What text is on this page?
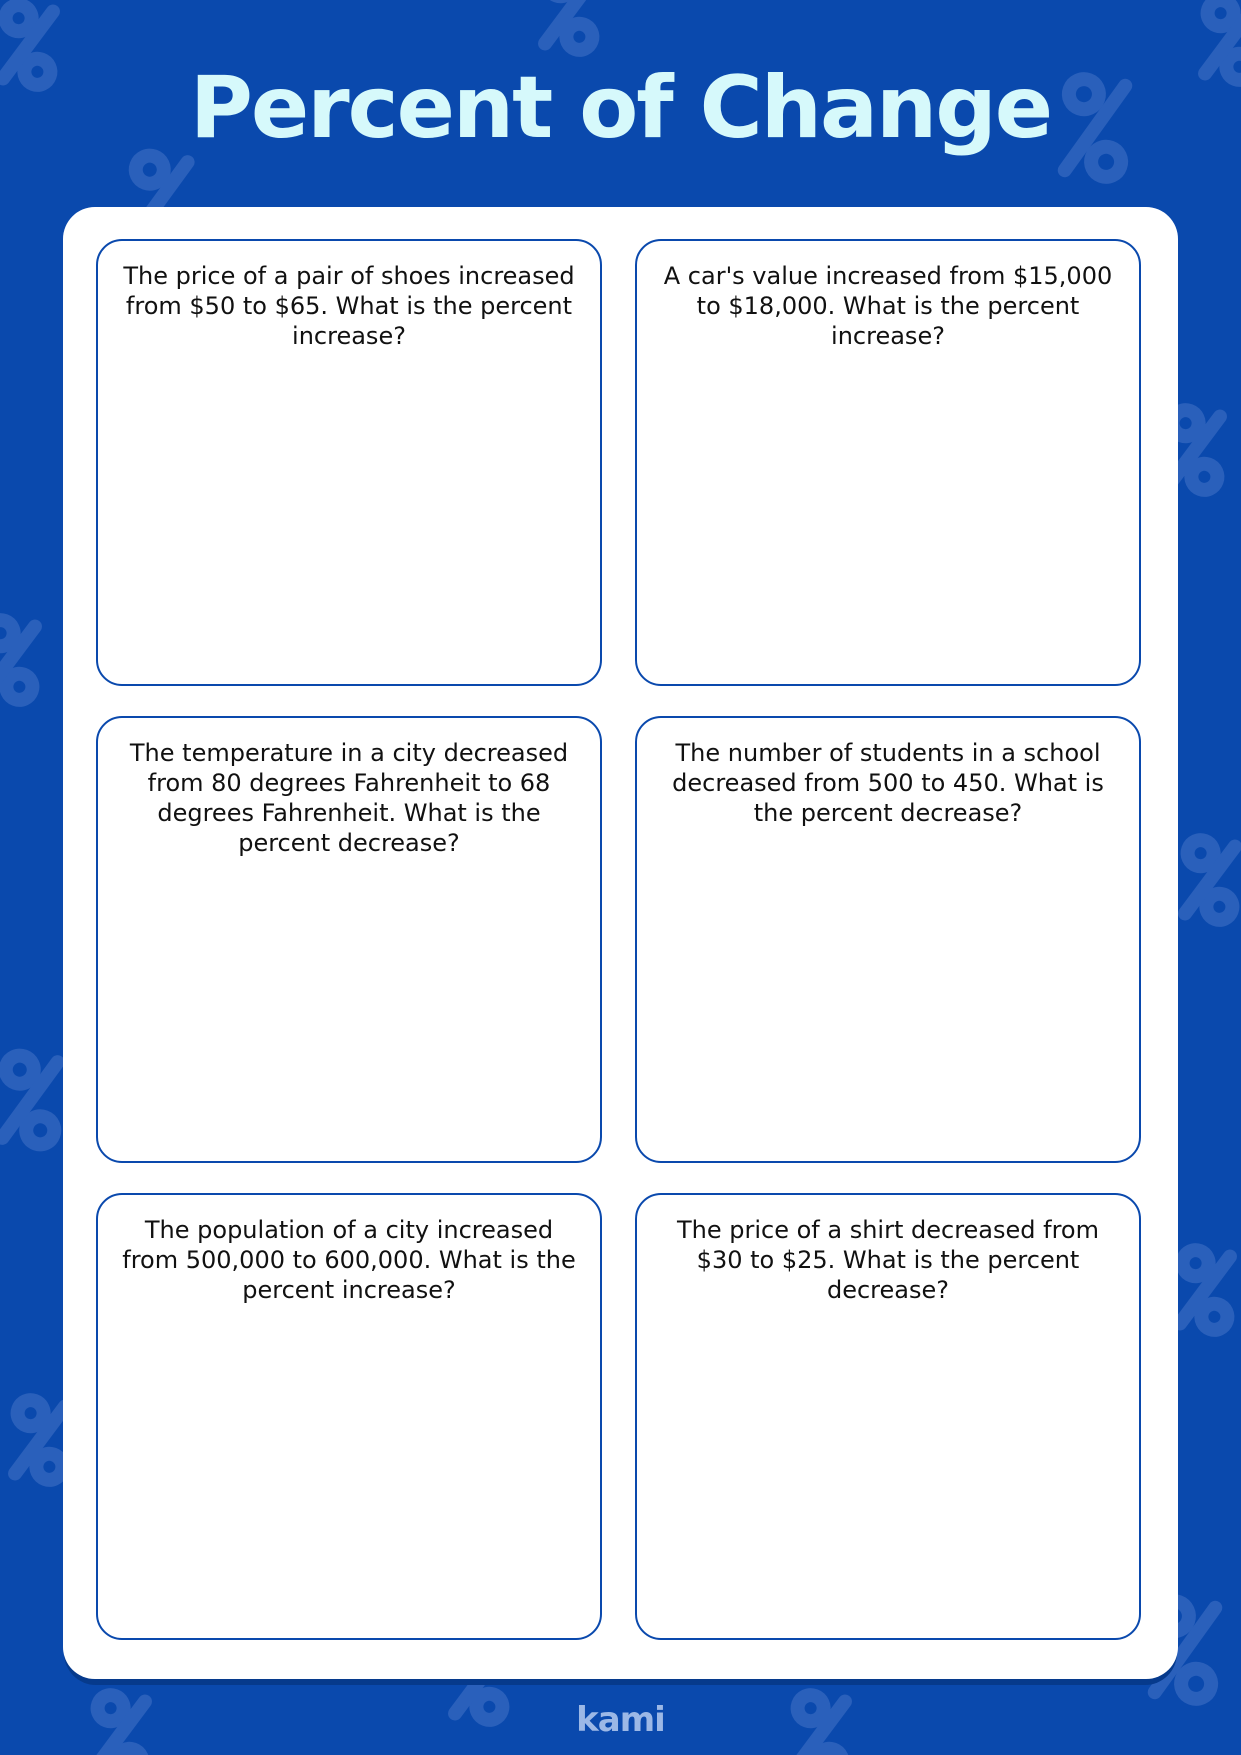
Percent of Change
The price of a pair of shoes increased from $50 to $65. What is the percent increase?
A car's value increased from $15,000 to $18,000. What is the percent increase?
The temperature in a city decreased from 80 degrees Fahrenheit to 68 degrees Fahrenheit. What is the percent decrease?
The number of students in a school decreased from 500 to 450. What is the percent decrease?
The population of a city increased from 500,000 to 600,000. What is the percent increase?
The price of a shirt decreased from $30 to $25. What is the percent decrease?
kami
